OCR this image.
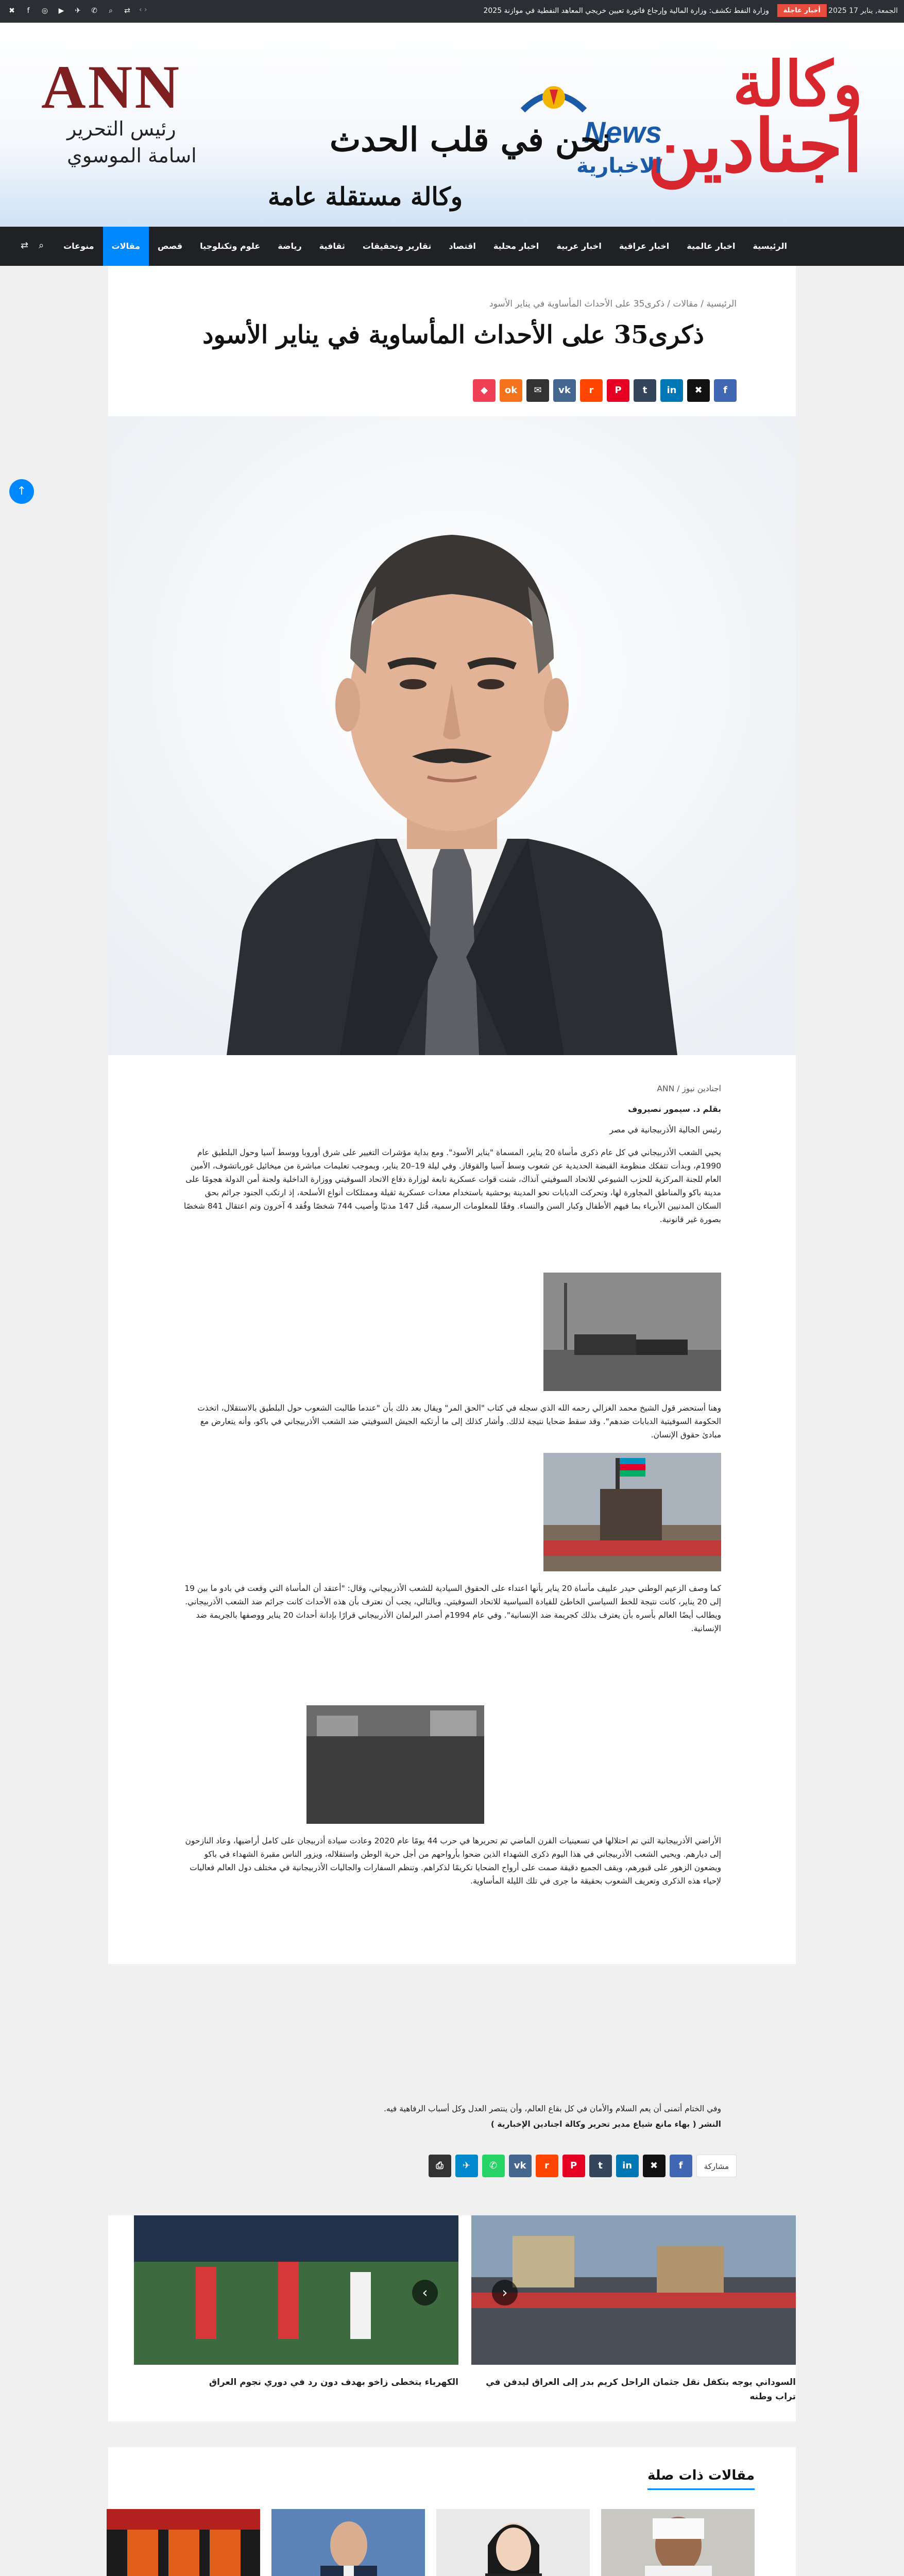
الجمعة, يناير 17 2025
أخبار عاجلة
وزارة النفط تكشف: وزارة المالية وإرجاع فاتورة تعيين خريجي المعاهد النفطية في موازنة 2025
‹ ›
✖	f	◎	▶	✈	✆	⌕	⇄
وكالة
اجنادين
News
الاخبارية
نحن في قلب الحدث
وكالة مستقلة عامة
ANN
رئيس التحرير
اسامة الموسوي
الرئيسية
اخبار عالمية
اخبار عراقية
اخبار عربية
اخبار محلية
اقتصاد
تقارير وتحقيقات
ثقافية
رياضة
علوم وتكنلوجيا
قصص
مقالات
منوعات
⌕
⇄
الرئيسية / مقالات / ذكرى35 على الأحداث المأساوية في يناير الأسود
ذكرى35 على الأحداث المأساوية في يناير الأسود
f
✖
in
t
P
r
vk
✉
ok
◆
اجنادين نيوز / ANN
بقلم د. سيمور نصيروف
رئيس الجالية الأذربيجانية في مصر
يحيي الشعب الأذربيجاني في كل عام ذكرى مأساة 20 يناير، المسماة "يناير الأسود". ومع بداية مؤشرات التغيير على شرق أوروبا ووسط آسيا وحول البلطيق عام 1990م، وبدأت تتفكك منظومة القبضة الحديدية عن شعوب وسط آسيا والقوقاز. وفي ليلة 19–20 يناير، وبموجب تعليمات مباشرة من ميخائيل غورباتشوف، الأمين العام للجنة المركزية للحزب الشيوعي للاتحاد السوفيتي آنذاك، شنت قوات عسكرية تابعة لوزارة دفاع الاتحاد السوفيتي ووزارة الداخلية ولجنة أمن الدولة هجومًا على مدينة باكو والمناطق المجاورة لها، وتحركت الدبابات نحو المدينة بوحشية باستخدام معدات عسكرية ثقيلة وممتلكات أنواع الأسلحة، إذ ارتكب الجنود جرائم بحق السكان المدنيين الأبرياء بما فيهم الأطفال وكبار السن والنساء. وفقًا للمعلومات الرسمية، قُتل 147 مدنيًا وأصيب 744 شخصًا وفُقد 4 آخرون وتم اعتقال 841 شخصًا بصورة غير قانونية.
وهنا أستحضر قول الشيخ محمد الغزالي رحمه الله الذي سجله في كتاب "الحق المر" ويقال بعد ذلك بأن "عندما طالبت الشعوب حول البلطيق بالاستقلال، اتخذت الحكومة السوفيتية الدبابات ضدهم". وقد سقط ضحايا نتيجة لذلك. وأشار كذلك إلى ما أرتكبه الجيش السوفيتي ضد الشعب الأذربيجاني في باكو، وأنه يتعارض مع مبادئ حقوق الإنسان.
كما وصف الزعيم الوطني حيدر علييف مأساة 20 يناير بأنها اعتداء على الحقوق السيادية للشعب الأذربيجاني، وقال: "أعتقد أن المأساة التي وقعت في بادو ما بين 19 إلى 20 يناير، كانت نتيجة للخط السياسي الخاطئ للقيادة السياسية للاتحاد السوفيتي. وبالتالي، يجب أن نعترف بأن هذه الأحداث كانت جرائم ضد الشعب الأذربيجاني. ويطالب أيضًا العالم بأسره بأن يعترف بذلك كجريمة ضد الإنسانية". وفي عام 1994م أصدر البرلمان الأذربيجاني قرارًا بإدانة أحداث 20 يناير ووصفها بالجريمة ضد الإنسانية.
الأراضي الأذربيجانية التي تم احتلالها في تسعينيات القرن الماضي تم تحريرها في حرب 44 يومًا عام 2020 وعادت سيادة أذربيجان على كامل أراضيها، وعاد النازحون إلى ديارهم. ويحيي الشعب الأذربيجاني في هذا اليوم ذكرى الشهداء الذين ضحوا بأرواحهم من أجل حرية الوطن واستقلاله، ويزور الناس مقبرة الشهداء في باكو ويضعون الزهور على قبورهم، ويقف الجميع دقيقة صمت على أرواح الضحايا تكريمًا لذكراهم. وتنظم السفارات والجاليات الأذربيجانية في مختلف دول العالم فعاليات لإحياء هذه الذكرى وتعريف الشعوب بحقيقة ما جرى في تلك الليلة المأساوية.
وفي الختام أتمنى أن يعم السلام والأمان في كل بقاع العالم، وأن ينتصر العدل وكل أسباب الرفاهية فيه.
النشر ( بهاء مانع شياع مدير تحرير وكالة اجنادين الإخبارية )
مشاركة
f
✖
in
t
P
r
vk
✆
✈
⎙
‹
السوداني يوجه بتكفل نقل جثمان الراحل كريم بدر إلى العراق ليدفن في تراب وطنه
›
الكهرباء يتخطى زاخو بهدف دون رد في دوري نجوم العراق
مقالات ذات صلة
↑
